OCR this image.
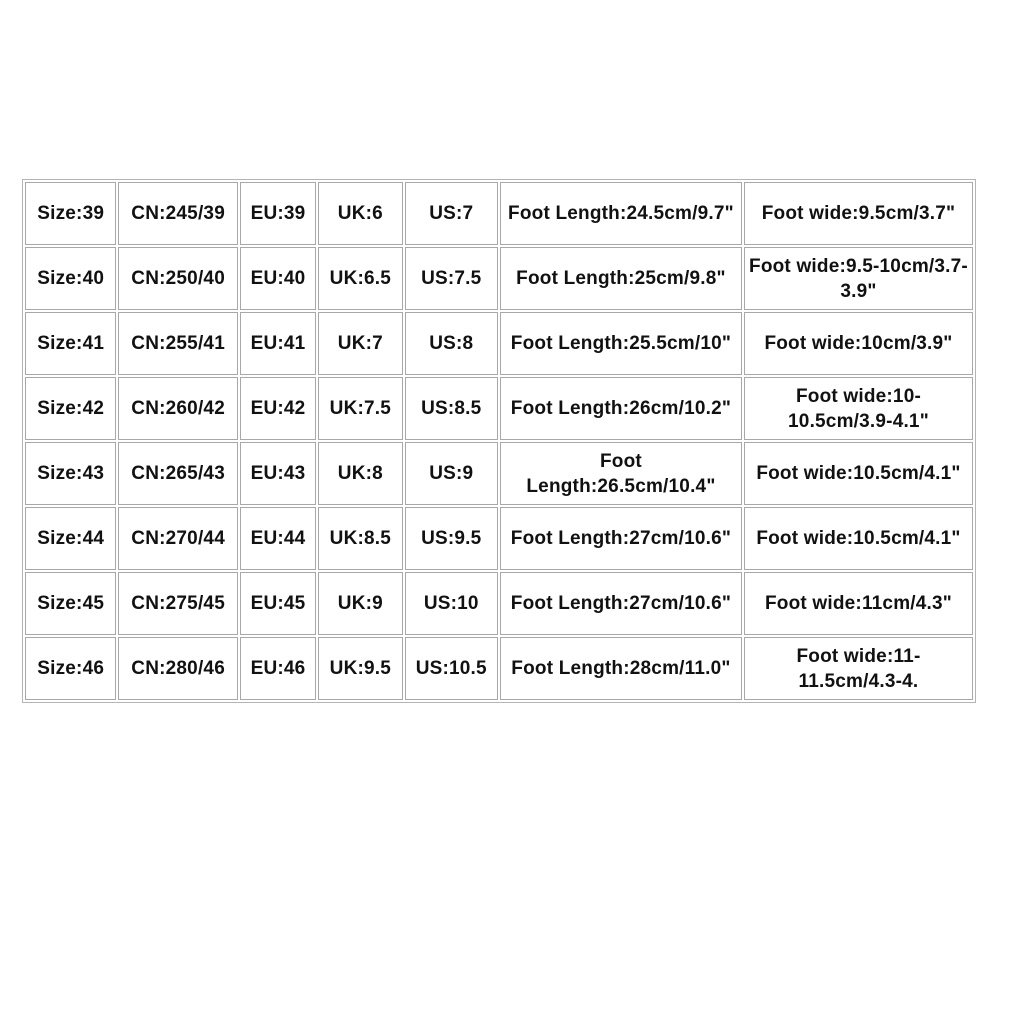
Size:39	CN:245/39	EU:39	UK:6	US:7	Foot Length:24.5cm/9.7"	Foot wide:9.5cm/3.7"
Size:40	CN:250/40	EU:40	UK:6.5	US:7.5	Foot Length:25cm/9.8"	Foot wide:9.5-10cm/3.7-3.9"
Size:41	CN:255/41	EU:41	UK:7	US:8	Foot Length:25.5cm/10"	Foot wide:10cm/3.9"
Size:42	CN:260/42	EU:42	UK:7.5	US:8.5	Foot Length:26cm/10.2"	Foot wide:10-10.5cm/3.9-4.1"
Size:43	CN:265/43	EU:43	UK:8	US:9	Foot Length:26.5cm/10.4"	Foot wide:10.5cm/4.1"
Size:44	CN:270/44	EU:44	UK:8.5	US:9.5	Foot Length:27cm/10.6"	Foot wide:10.5cm/4.1"
Size:45	CN:275/45	EU:45	UK:9	US:10	Foot Length:27cm/10.6"	Foot wide:11cm/4.3"
Size:46	CN:280/46	EU:46	UK:9.5	US:10.5	Foot Length:28cm/11.0"	Foot wide:11-11.5cm/4.3-4.
